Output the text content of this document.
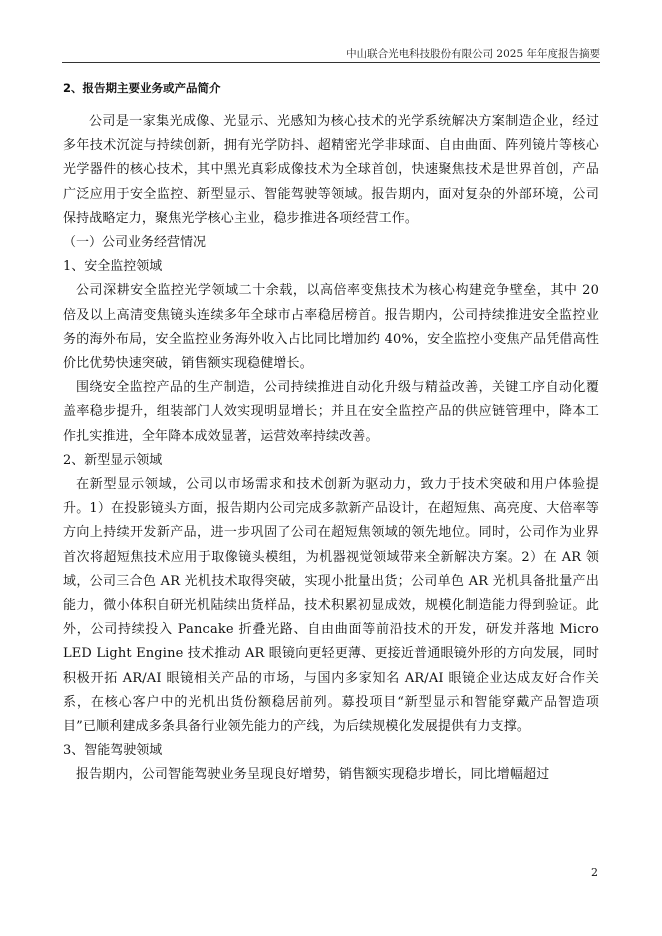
中山联合光电科技股份有限公司 2025 年年度报告摘要
2、报告期主要业务或产品简介

公司是一家集光成像、光显示、光感知为核心技术的光学系统解决方案制造企业，经过多年技术沉淀与持续创新，拥有光学防抖、超精密光学非球面、自由曲面、阵列镜片等核心光学器件的核心技术，其中黑光真彩成像技术为全球首创，快速聚焦技术是世界首创，产品广泛应用于安全监控、新型显示、智能驾驶等领域。报告期内，面对复杂的外部环境，公司保持战略定力，聚焦光学核心主业，稳步推进各项经营工作。

（一）公司业务经营情况
1、安全监控领域

公司深耕安全监控光学领域二十余载，以高倍率变焦技术为核心构建竞争壁垒，其中 20 倍及以上高清变焦镜头连续多年全球市占率稳居榜首。报告期内，公司持续推进安全监控业务的海外布局，安全监控业务海外收入占比同比增加约 40%，安全监控小变焦产品凭借高性价比优势快速突破，销售额实现稳健增长。

围绕安全监控产品的生产制造，公司持续推进自动化升级与精益改善，关键工序自动化覆盖率稳步提升，组装部门人效实现明显增长；并且在安全监控产品的供应链管理中，降本工作扎实推进，全年降本成效显著，运营效率持续改善。

2、新型显示领域

在新型显示领域，公司以市场需求和技术创新为驱动力，致力于技术突破和用户体验提升。1）在投影镜头方面，报告期内公司完成多款新产品设计，在超短焦、高亮度、大倍率等方向上持续开发新产品，进一步巩固了公司在超短焦领域的领先地位。同时，公司作为业界首次将超短焦技术应用于取像镜头模组，为机器视觉领域带来全新解决方案。2）在 AR 领域，公司三合色 AR 光机技术取得突破，实现小批量出货；公司单色 AR 光机具备批量产出能力，微小体积自研光机陆续出货样品，技术积累初显成效，规模化制造能力得到验证。此外，公司持续投入 Pancake 折叠光路、自由曲面等前沿技术的开发，研发并落地 Micro LED Light Engine 技术推动 AR 眼镜向更轻更薄、更接近普通眼镜外形的方向发展，同时积极开拓 AR/AI 眼镜相关产品的市场，与国内多家知名 AR/AI 眼镜企业达成友好合作关系，在核心客户中的光机出货份额稳居前列。募投项目“新型显示和智能穿戴产品智造项目”已顺利建成多条具备行业领先能力的产线，为后续规模化发展提供有力支撑。

3、智能驾驶领域

报告期内，公司智能驾驶业务呈现良好增势，销售额实现稳步增长，同比增幅超过

2
